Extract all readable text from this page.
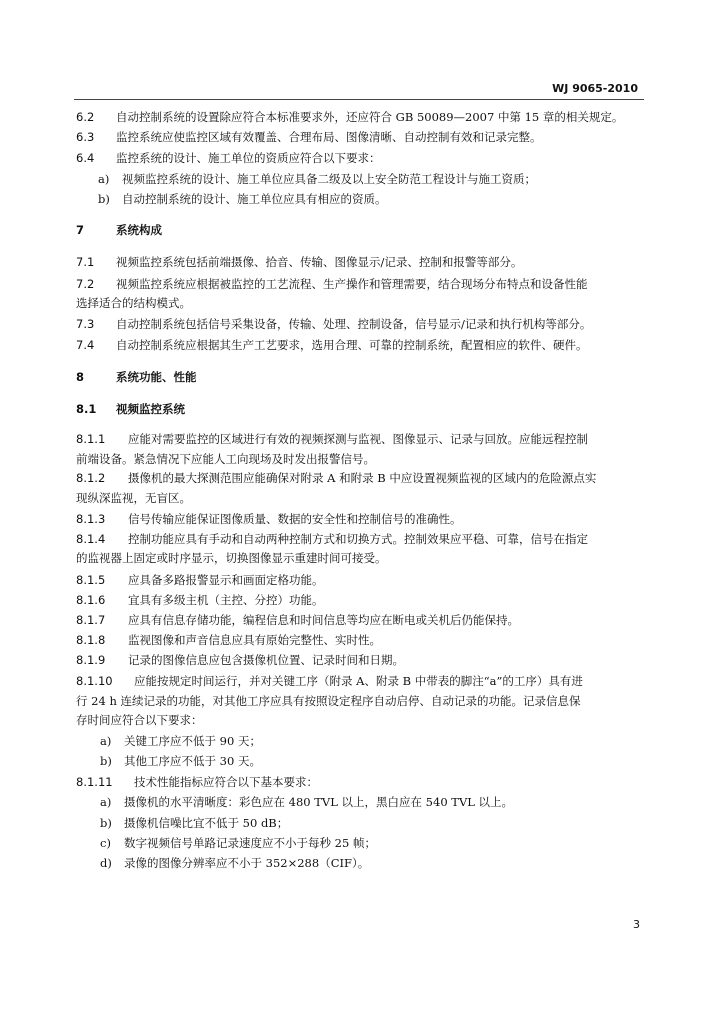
WJ 9065-2010
6.2 自动控制系统的设置除应符合本标准要求外，还应符合 GB 50089—2007 中第 15 章的相关规定。
6.3 监控系统应使监控区域有效覆盖、合理布局、图像清晰、自动控制有效和记录完整。
6.4 监控系统的设计、施工单位的资质应符合以下要求：
a) 视频监控系统的设计、施工单位应具备二级及以上安全防范工程设计与施工资质；
b) 自动控制系统的设计、施工单位应具有相应的资质。
7	系统构成
7.1 视频监控系统包括前端摄像、拾音、传输、图像显示/记录、控制和报警等部分。
7.2 视频监控系统应根据被监控的工艺流程、生产操作和管理需要，结合现场分布特点和设备性能
选择适合的结构模式。
7.3 自动控制系统包括信号采集设备，传输、处理、控制设备，信号显示/记录和执行机构等部分。
7.4 自动控制系统应根据其生产工艺要求，选用合理、可靠的控制系统，配置相应的软件、硬件。
8	系统功能、性能
8.1 视频监控系统
8.1.1 应能对需要监控的区域进行有效的视频探测与监视、图像显示、记录与回放。应能远程控制
前端设备。紧急情况下应能人工向现场及时发出报警信号。
8.1.2 摄像机的最大探测范围应能确保对附录 A 和附录 B 中应设置视频监视的区域内的危险源点实
现纵深监视，无盲区。
8.1.3 信号传输应能保证图像质量、数据的安全性和控制信号的准确性。
8.1.4 控制功能应具有手动和自动两种控制方式和切换方式。控制效果应平稳、可靠，信号在指定
的监视器上固定或时序显示，切换图像显示重建时间可接受。
8.1.5 应具备多路报警显示和画面定格功能。
8.1.6 宜具有多级主机（主控、分控）功能。
8.1.7 应具有信息存储功能，编程信息和时间信息等均应在断电或关机后仍能保持。
8.1.8 监视图像和声音信息应具有原始完整性、实时性。
8.1.9 记录的图像信息应包含摄像机位置、记录时间和日期。
8.1.10 应能按规定时间运行，并对关键工序（附录 A、附录 B 中带表的脚注“a”的工序）具有进
行 24 h 连续记录的功能，对其他工序应具有按照设定程序自动启停、自动记录的功能。记录信息保
存时间应符合以下要求：
a) 关键工序应不低于 90 天；
b) 其他工序应不低于 30 天。
8.1.11 技术性能指标应符合以下基本要求：
a) 摄像机的水平清晰度：彩色应在 480 TVL 以上，黑白应在 540 TVL 以上。
b) 摄像机信噪比宜不低于 50 dB；
c) 数字视频信号单路记录速度应不小于每秒 25 帧；
d) 录像的图像分辨率应不小于 352×288（CIF）。
3
